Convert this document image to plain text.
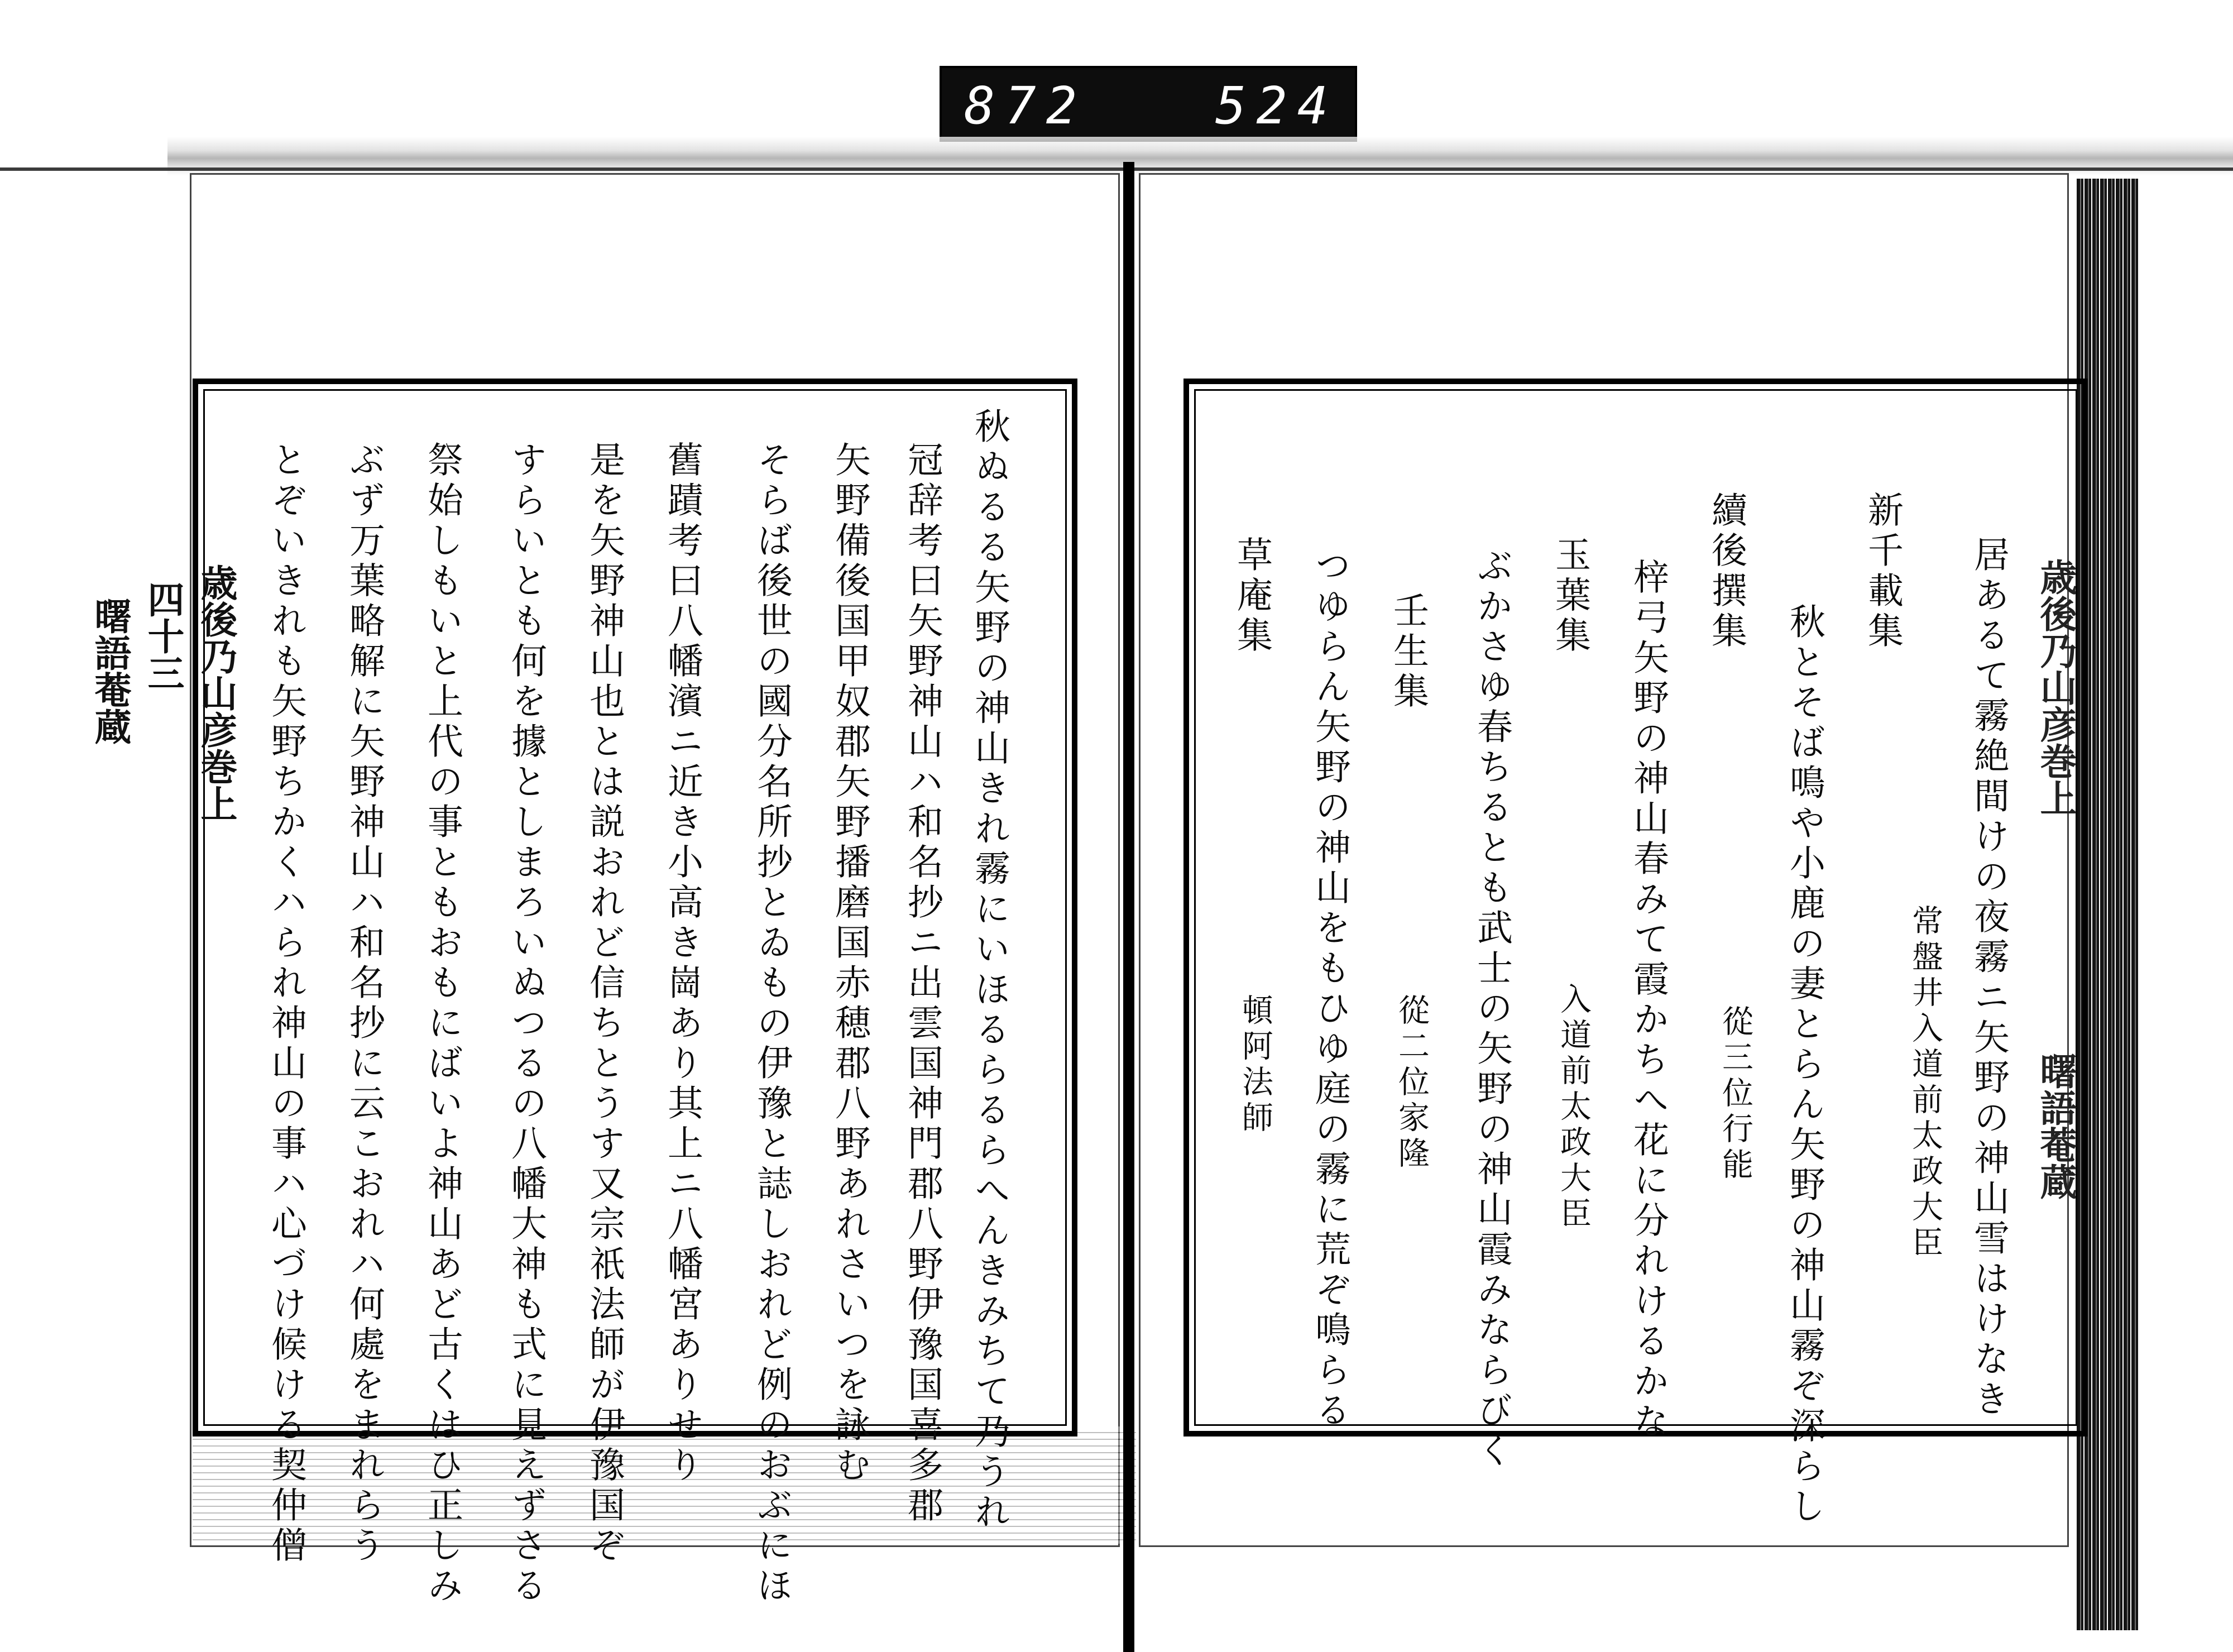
872 524
歳後乃山彦巻上
四十三
曙語菴蔵	歳後乃山彦巻上 曙語菴蔵
秋ぬるる矢野の神山きれ霧にいほるらるらへんきみちて乃うれ
冠辞考曰矢野神山ハ和名抄ニ出雲国神門郡八野伊豫国喜多郡
矢野備後国甲奴郡矢野播磨国赤穂郡八野あれさいつを詠む
そらば後世の國分名所抄とゐもの伊豫と誌しおれど例のおぶにほ
舊蹟考曰八幡濱ニ近き小高き崗あり其上ニ八幡宮ありせり
是を矢野神山也とは説おれど信ちとうす又宗祇法師が伊豫国ぞ
すらいとも何を據としまろいぬつるの八幡大神も式に見えずさる
祭始しもいと上代の事ともおもにばいよ神山あど古くはひ正しみ
ぶず万葉略解に矢野神山ハ和名抄に云こおれハ何處をまれらう
とぞいきれも矢野ちかくハられ神山の事ハ心づけ候ける契仲僧	居あるて霧絶間けの夜霧ニ矢野の神山雪はけなき
新千載集
常盤井入道前太政大臣
秋とそば鳴や小鹿の妻とらん矢野の神山霧ぞ深らし
續後撰集
從三位行能
梓弓矢野の神山春みて霞かちへ花に分れけるかな
玉葉集
入道前太政大臣
ぶかさゆ春ちるとも武士の矢野の神山霞みならびく
壬生集
從二位家隆
つゆらん矢野の神山をもひゆ庭の霧に荒ぞ鳴らる
草庵集
頓阿法師
